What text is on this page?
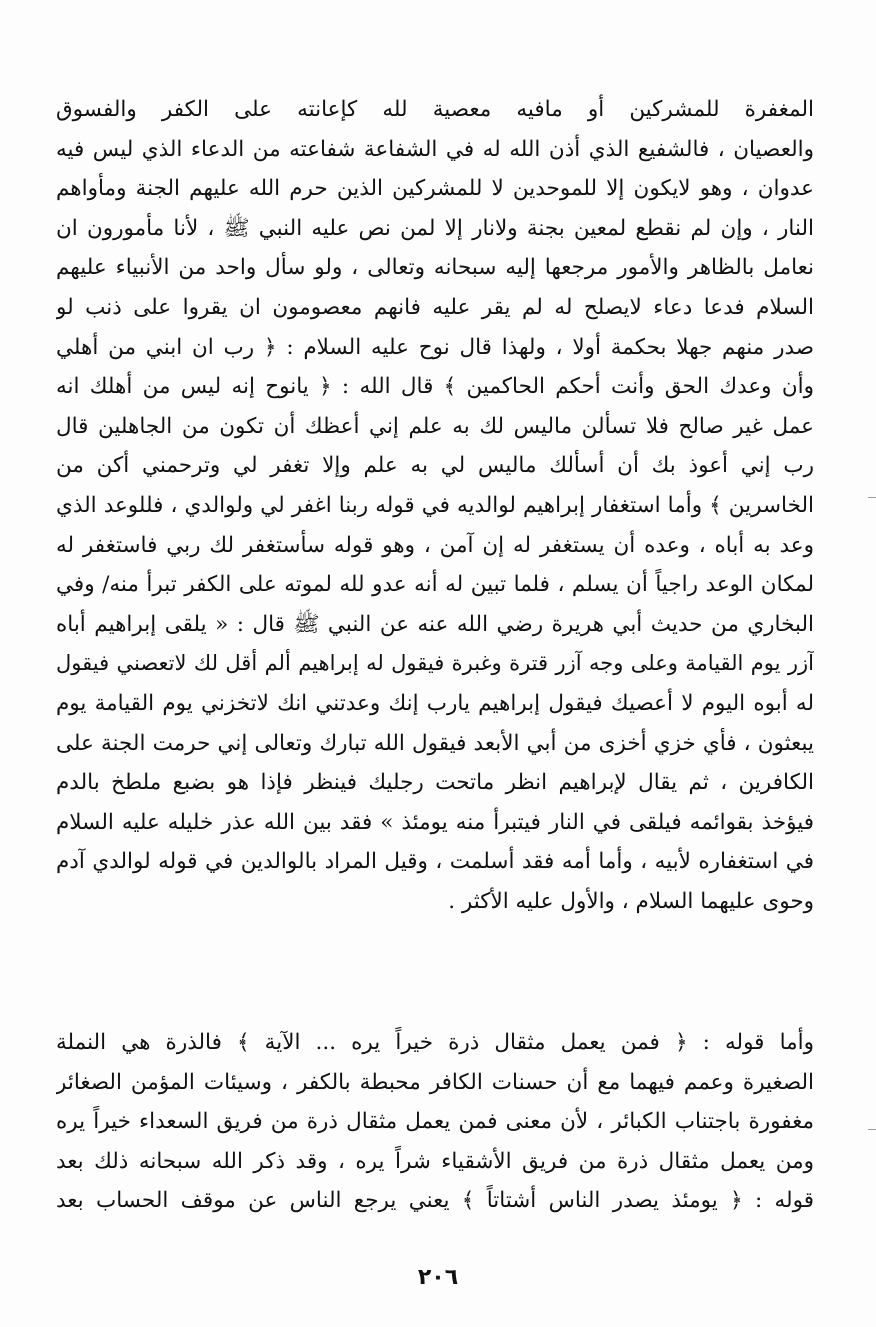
المغفرة للمشركين أو مافيه معصية لله كإعانته على الكفر والفسوق
والعصيان ، فالشفيع الذي أذن الله له في الشفاعة شفاعته من الدعاء الذي ليس فيه
عدوان ، وهو لايكون إلا للموحدين لا للمشركين الذين حرم الله عليهم الجنة ومأواهم
النار ، وإن لم نقطع لمعين بجنة ولانار إلا لمن نص عليه النبي ﷺ ، لأنا مأمورون ان
نعامل بالظاهر والأمور مرجعها إليه سبحانه وتعالى ، ولو سأل واحد من الأنبياء عليهم
السلام فدعا دعاء لايصلح له لم يقر عليه فانهم معصومون ان يقروا على ذنب لو
صدر منهم جهلا بحكمة أولا ، ولهذا قال نوح عليه السلام : ﴿ رب ان ابني من أهلي
وأن وعدك الحق وأنت أحكم الحاكمين ﴾ قال الله : ﴿ يانوح إنه ليس من أهلك انه
عمل غير صالح فلا تسألن ماليس لك به علم إني أعظك أن تكون من الجاهلين قال
رب إني أعوذ بك أن أسألك ماليس لي به علم وإلا تغفر لي وترحمني أكن من
الخاسرين ﴾ وأما استغفار إبراهيم لوالديه في قوله ربنا اغفر لي ولوالدي ، فللوعد الذي
وعد به أباه ، وعده أن يستغفر له إن آمن ، وهو قوله سأستغفر لك ربي فاستغفر له
لمكان الوعد راجياً أن يسلم ، فلما تبين له أنه عدو لله لموته على الكفر تبرأ منه/ وفي
البخاري من حديث أبي هريرة رضي الله عنه عن النبي ﷺ قال : « يلقى إبراهيم أباه
آزر يوم القيامة وعلى وجه آزر قترة وغبرة فيقول له إبراهيم ألم أقل لك لاتعصني فيقول
له أبوه اليوم لا أعصيك فيقول إبراهيم يارب إنك وعدتني انك لاتخزني يوم القيامة يوم
يبعثون ، فأي خزي أخزى من أبي الأبعد فيقول الله تبارك وتعالى إني حرمت الجنة على
الكافرين ، ثم يقال لإبراهيم انظر ماتحت رجليك فينظر فإذا هو بضبع ملطخ بالدم
فيؤخذ بقوائمه فيلقى في النار فيتبرأ منه يومئذ » فقد بين الله عذر خليله عليه السلام
في استغفاره لأبيه ، وأما أمه فقد أسلمت ، وقيل المراد بالوالدين في قوله لوالدي آدم
وحوى عليهما السلام ، والأول عليه الأكثر .
وأما قوله : ﴿ فمن يعمل مثقال ذرة خيراً يره ... الآية ﴾ فالذرة هي النملة
الصغيرة وعمم فيهما مع أن حسنات الكافر محبطة بالكفر ، وسيئات المؤمن الصغائر
مغفورة باجتناب الكبائر ، لأن معنى فمن يعمل مثقال ذرة من فريق السعداء خيراً يره
ومن يعمل مثقال ذرة من فريق الأشقياء شراً يره ، وقد ذكر الله سبحانه ذلك بعد
قوله : ﴿ يومئذ يصدر الناس أشتاتاً ﴾ يعني يرجع الناس عن موقف الحساب بعد
٢٠٦
